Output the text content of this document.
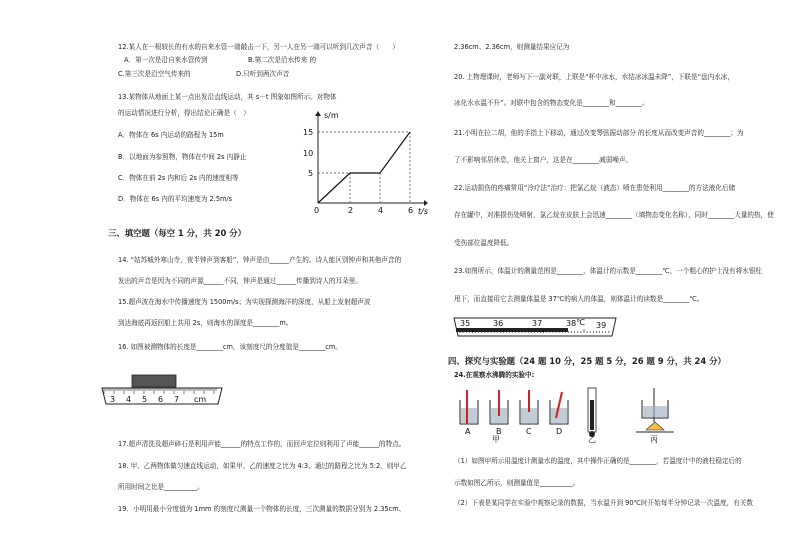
12.某人在一根较长的有水的自来水管一端敲击一下，另一人在另一端可以听到几次声音（　　）
A．第一次是沿自来水管传到	B.第二次是沿水传来 的
C.第三次是沿空气传来的	D.只听到两次声音
13.某物体从地面上某一点出发沿直线运动，其 s－t 图象如图所示。对物体
的运动情况进行分析，得出结论正确是（　）
A．物体在 6s 内运动的路程为 15m
B．以地面为参照物，物体在中间 2s 内静止
C．物体在前 2s 内和后 2s 内的速度相等
D．物体在 6s 内的平均速度为 2.5m/s
s/m
t/s
5
10
15
0	2	4	6
三、填空题（每空 1 分，共 20 分）
14. “姑苏城外寒山寺，夜半钟声到客船”，钟声是由______产生的。诗人能区别钟声和其他声音的
发出的声音是因为不同的声源______不同，钟声是通过______传播到诗人的耳朵里。
15.超声波在海水中传播速度为 1500m/s；为实现探测海洋的深度，从船上发射超声波
到达海底再返回船上共用 2s，则海水的深度是________m。
16. 如图被测物体的长度是________cm，该刻度尺的分度值是________cm。
3 4 5 6 7 cm
17.超声清洗及超声碎石是利用声能______的特点工作的，而回声定位则利用了声能______的特点。
18. 甲、乙两物体做匀速直线运动，如果甲、乙的速度之比为 4:3，通过的路程之比为 5:2，则甲乙
所用时间之比是__________。
19．小明用最小分度值为 1mm 的刻度尺测量一个物体的长度，三次测量的数据分别为 2.35cm、
2.36cm、2.36cm，则测量结果应记为
20. 上物理课时，老师写下一副对联，上联是“杯中冰水，水结冰冰温未降”，下联是“盘内水冰，
冰化水水温不升”。对联中包含的物态变化是________和________。
21.小明在拉二胡，他的手指上下移动，通过改变琴弦振动部分 的长度从而改变声音的________；为
了不影响邻居休息，他关上窗户，这是在________减弱噪声。
22.运动损伤的疼痛常用“冷疗法”治疗：把氯乙烷（液态）喷在患处利用________的方法液化后储
存在罐中，对准损伤处喷射，氯乙烷在皮肤上会迅速________（填物态变化名称），同时________大量的热，使
受伤部位温度降低。
23.如图所示，体温计的测量范围是________，体温计的示数是________℃，一个粗心的护士没有将水银柱
甩下，而直接用它去测量体温是 37℃的病人的体温，则体温计的读数是________℃。
35	36	37	38 39
℃
四、探究与实验题（24 题 10 分，25 题 5 分，26 题 9 分，共 24 分）
24.在观察水沸腾的实验中:
A	B	C	D
甲	乙	丙
（1）如图甲所示用温度计测量水的温度，其中操作正确的是________，若温度计中的液柱稳定后的
示数如图乙所示，则测量值是__________。
（2）下表是某同学在实验中观察记录的数据，当水温升到 90℃时开始每半分钟记录一次温度，有关数
